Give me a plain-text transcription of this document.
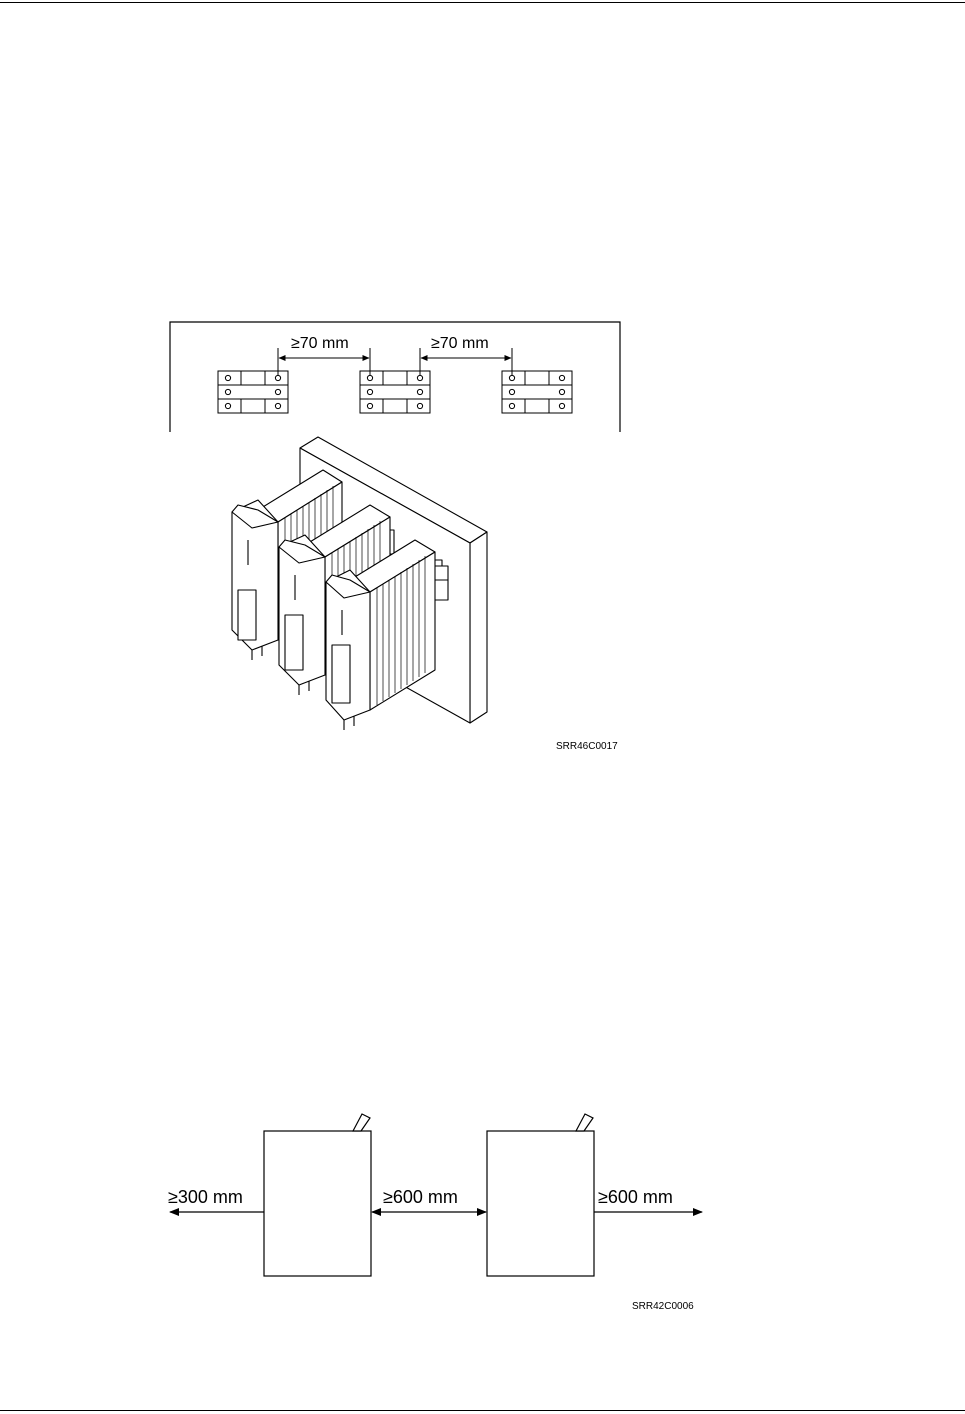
≥70 mm	≥70 mm
SRR46C0017
≥300 mm	≥600 mm	≥600 mm
SRR42C0006
